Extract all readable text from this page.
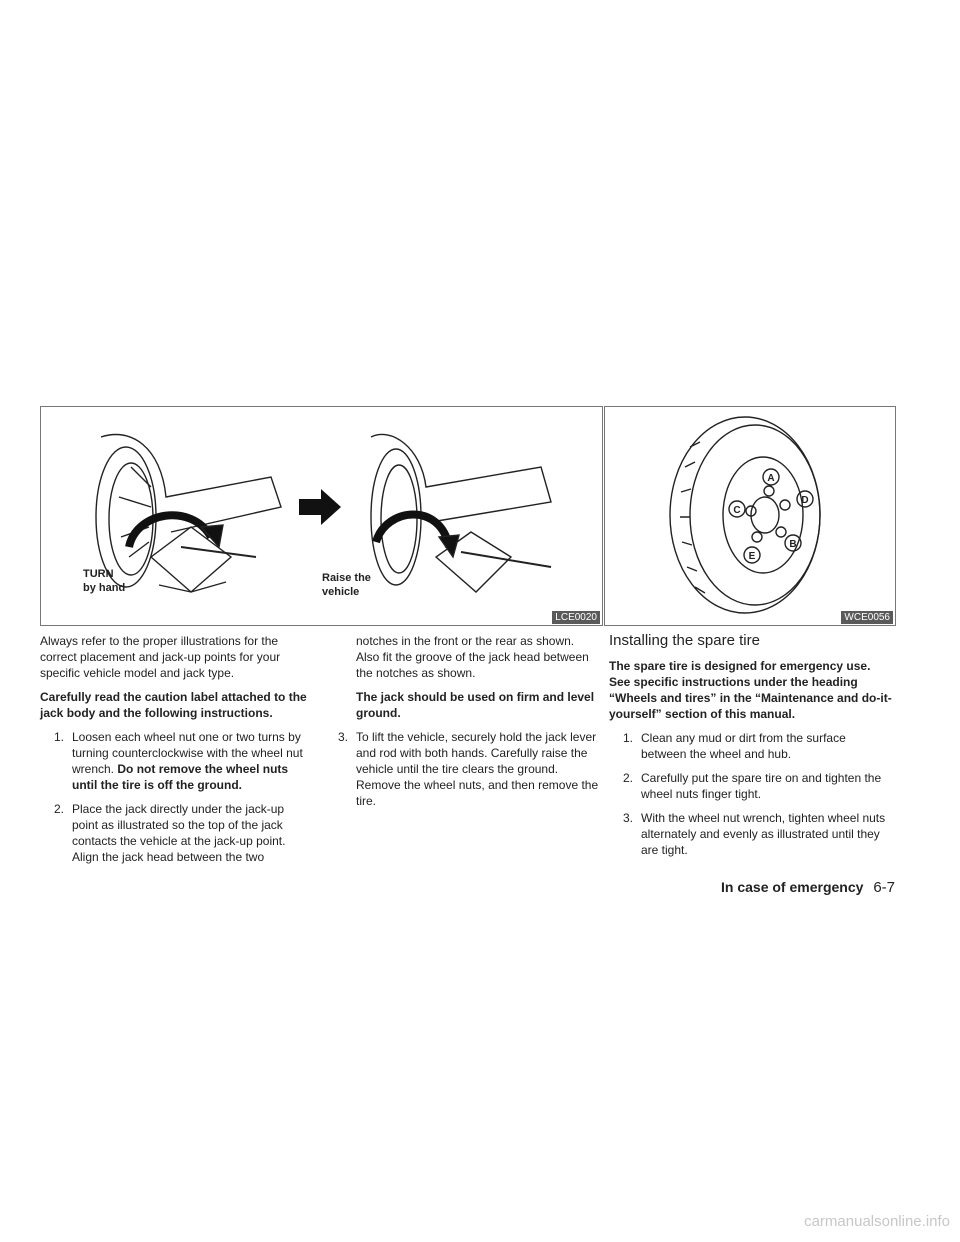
TURN
by hand
Raise the
vehicle
LCE0020
A
B
C
D
E
WCE0056

Always refer to the proper illustrations for the correct placement and jack-up points for your specific vehicle model and jack type.

Carefully read the caution label attached to the jack body and the following instructions.

1. Loosen each wheel nut one or two turns by turning counterclockwise with the wheel nut wrench. Do not remove the wheel nuts until the tire is off the ground.
2. Place the jack directly under the jack-up point as illustrated so the top of the jack contacts the vehicle at the jack-up point. Align the jack head between the two

notches in the front or the rear as shown. Also fit the groove of the jack head between the notches as shown.

The jack should be used on firm and level ground.

3. To lift the vehicle, securely hold the jack lever and rod with both hands. Carefully raise the vehicle until the tire clears the ground. Remove the wheel nuts, and then remove the tire.
Installing the spare tire

The spare tire is designed for emergency use. See specific instructions under the heading “Wheels and tires” in the “Maintenance and do-it-yourself” section of this manual.

1. Clean any mud or dirt from the surface between the wheel and hub.
2. Carefully put the spare tire on and tighten the wheel nuts finger tight.
3. With the wheel nut wrench, tighten wheel nuts alternately and evenly as illustrated until they are tight.
In case of emergency 6-7
carmanualsonline.info
